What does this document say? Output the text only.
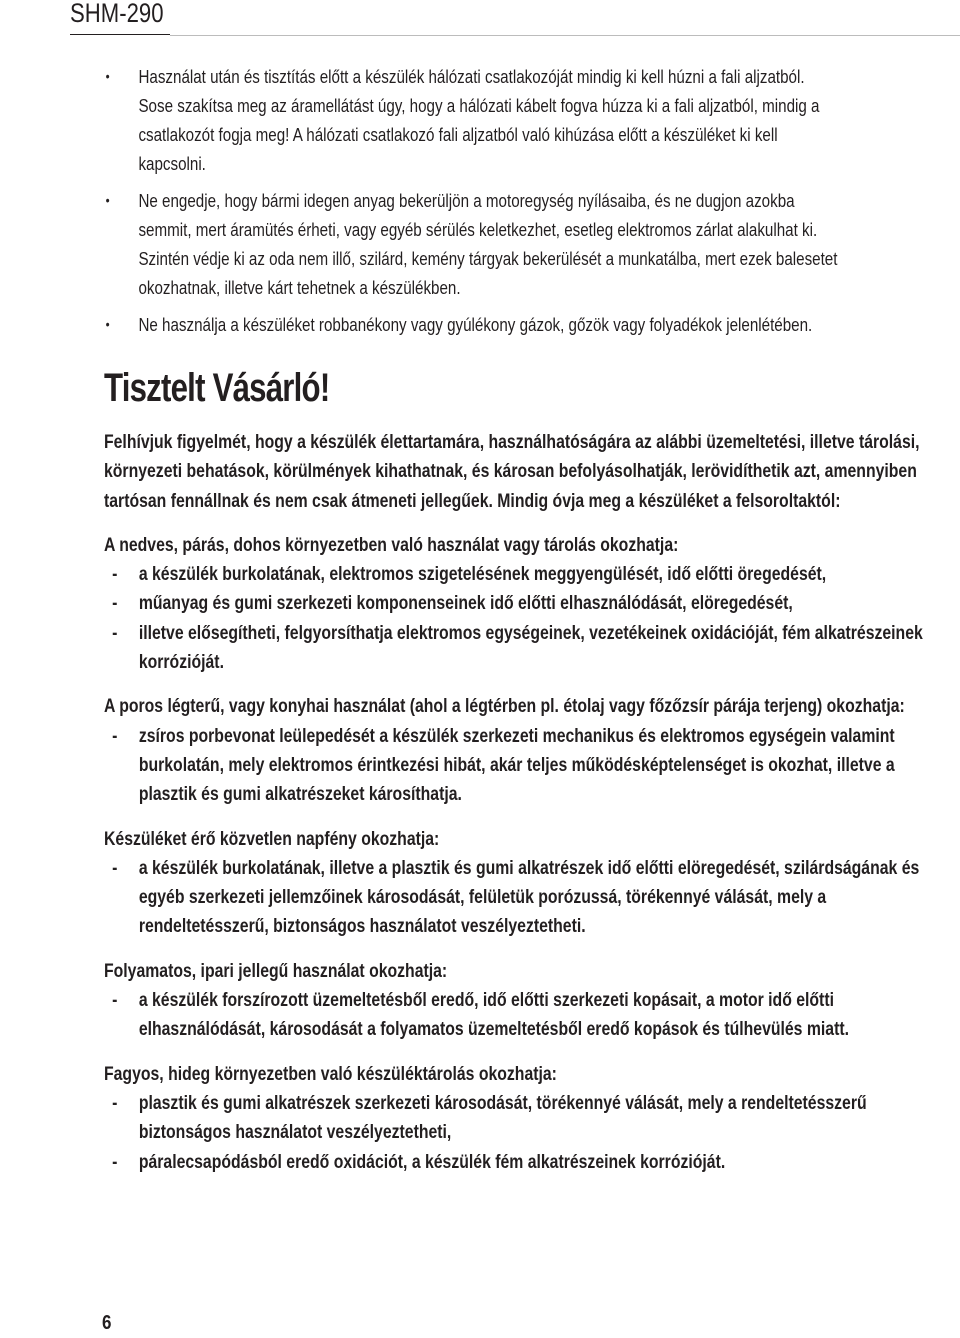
SHM-290
• Használat után és tisztítás előtt a készülék hálózati csatlakozóját mindig ki kell húzni a fali aljzatból. Sose szakítsa meg az áramellátást úgy, hogy a hálózati kábelt fogva húzza ki a fali aljzatból, mindig a csatlakozót fogja meg! A hálózati csatlakozó fali aljzatból való kihúzása előtt a készüléket ki kell kapcsolni.
• Ne engedje, hogy bármi idegen anyag bekerüljön a motoregység nyílásaiba, és ne dugjon azokba semmit, mert áramütés érheti, vagy egyéb sérülés keletkezhet, esetleg elektromos zárlat alakulhat ki. Szintén védje ki az oda nem illő, szilárd, kemény tárgyak bekerülését a munkatálba, mert ezek balesetet okozhatnak, illetve kárt tehetnek a készülékben.
• Ne használja a készüléket robbanékony vagy gyúlékony gázok, gőzök vagy folyadékok jelenlétében.
Tisztelt Vásárló!

Felhívjuk figyelmét, hogy a készülék élettartamára, használhatóságára az alábbi üzemeltetési, illetve tárolási, környezeti behatások, körülmények kihathatnak, és károsan befolyásolhatják, lerövidíthetik azt, amennyiben tartósan fennállnak és nem csak átmeneti jellegűek. Mindig óvja meg a készüléket a felsoroltaktól:

A nedves, párás, dohos környezetben való használat vagy tárolás okozhatja:
- a készülék burkolatának, elektromos szigetelésének meggyengülését, idő előtti öregedését,
- műanyag és gumi szerkezeti komponenseinek idő előtti elhasználódását, elöregedését,
- illetve elősegítheti, felgyorsíthatja elektromos egységeinek, vezetékeinek oxidációját, fém alkatrészeinek korrózióját.
A poros légterű, vagy konyhai használat (ahol a légtérben pl. étolaj vagy főzőzsír párája terjeng) okozhatja:
- zsíros porbevonat leülepedését a készülék szerkezeti mechanikus és elektromos egységein valamint burkolatán, mely elektromos érintkezési hibát, akár teljes működésképtelenséget is okozhat, illetve a plasztik és gumi alkatrészeket károsíthatja.
Készüléket érő közvetlen napfény okozhatja:
- a készülék burkolatának, illetve a plasztik és gumi alkatrészek idő előtti elöregedését, szilárdságának és egyéb szerkezeti jellemzőinek károsodását, felületük porózussá, törékennyé válását, mely a rendeltetésszerű, biztonságos használatot veszélyeztetheti.
Folyamatos, ipari jellegű használat okozhatja:
- a készülék forszírozott üzemeltetésből eredő, idő előtti szerkezeti kopásait, a motor idő előtti elhasználódását, károsodását a folyamatos üzemeltetésből eredő kopások és túlhevülés miatt.
Fagyos, hideg környezetben való készüléktárolás okozhatja:
- plasztik és gumi alkatrészek szerkezeti károsodását, törékennyé válását, mely a rendeltetésszerű biztonságos használatot veszélyeztetheti,
- páralecsapódásból eredő oxidációt, a készülék fém alkatrészeinek korrózióját.
6
